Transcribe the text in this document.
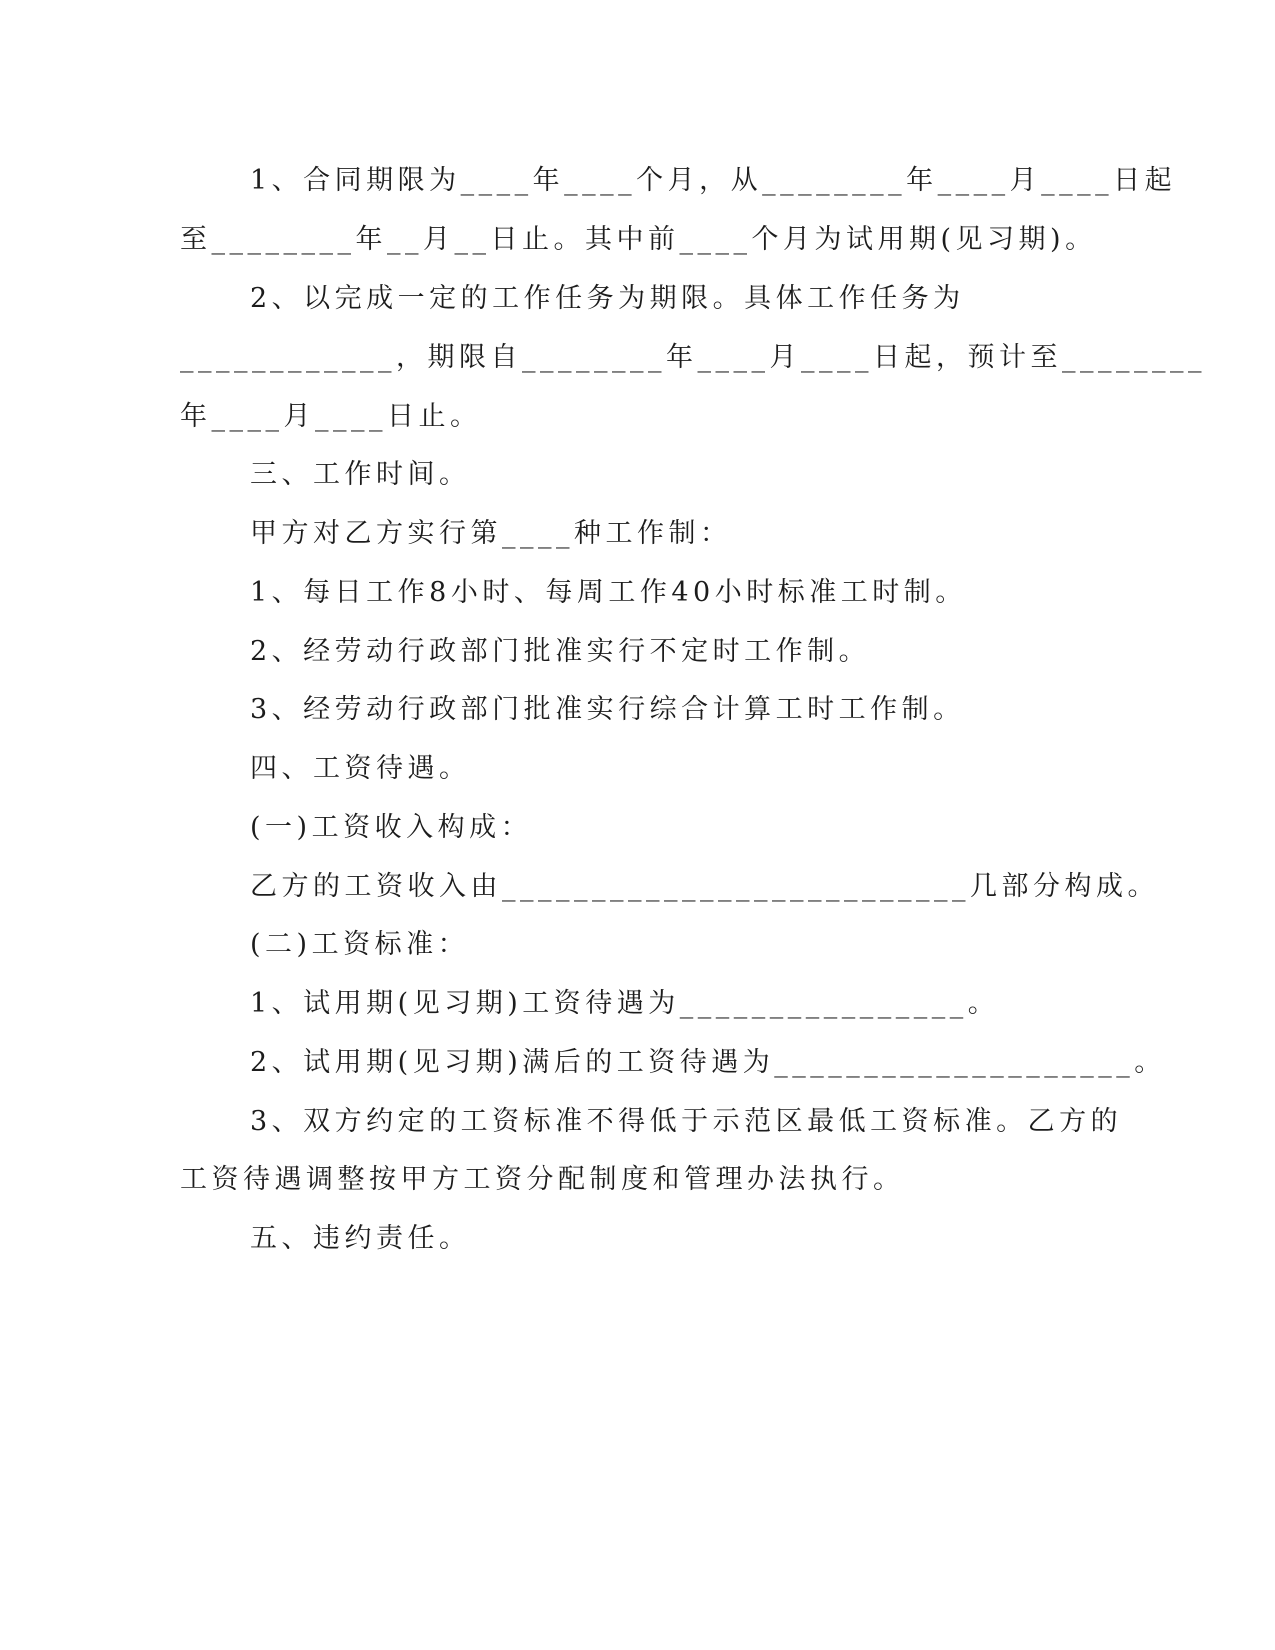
1、合同期限为____年____个月，从________年____月____日起
至________年__月__日止。其中前____个月为试用期(见习期)。
2、以完成一定的工作任务为期限。具体工作任务为
____________，期限自________年____月____日起，预计至________
年____月____日止。
三、工作时间。
甲方对乙方实行第____种工作制：
1、每日工作8小时、每周工作40小时标准工时制。
2、经劳动行政部门批准实行不定时工作制。
3、经劳动行政部门批准实行综合计算工时工作制。
四、工资待遇。
(一)工资收入构成：
乙方的工资收入由__________________________几部分构成。
(二)工资标准：
1、试用期(见习期)工资待遇为________________。
2、试用期(见习期)满后的工资待遇为____________________。
3、双方约定的工资标准不得低于示范区最低工资标准。乙方的
工资待遇调整按甲方工资分配制度和管理办法执行。
五、违约责任。
